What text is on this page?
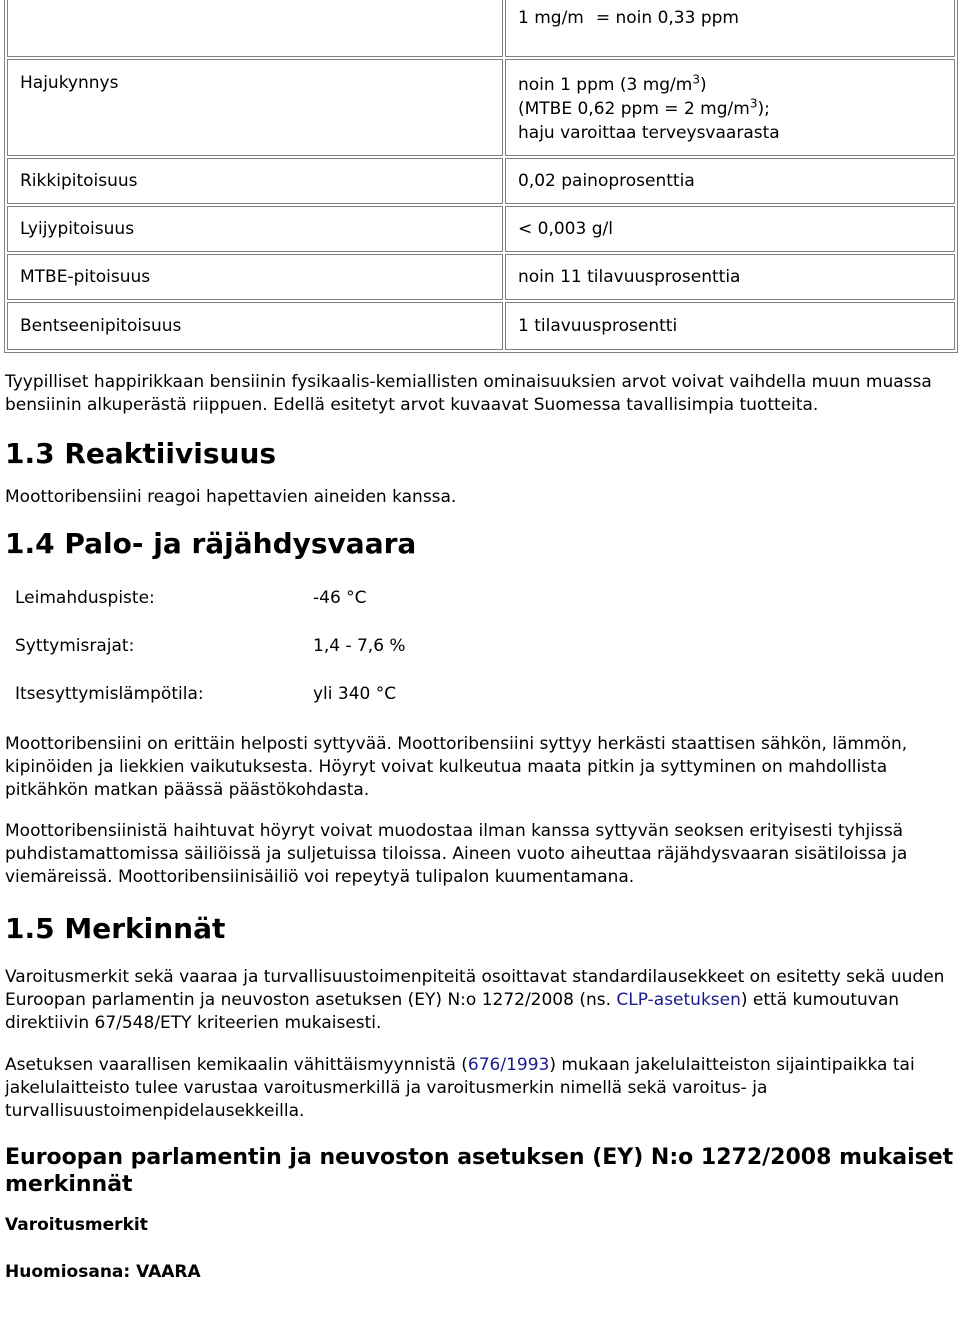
	1 mg/m = noin 0,33 ppm
Hajukynnys	noin 1 ppm (3 $mg/m^3$)
(MTBE 0,62 ppm = 2 $mg/m^3$);
haju varoittaa terveysvaarasta

Rikkipitoisuus	0,02 painoprosenttia
Lyijypitoisuus	< 0,003 g/l
MTBE-pitoisuus	noin 11 tilavuusprosenttia
Bentseenipitoisuus	1 tilavuusprosentti

Tyypilliset happirikkaan bensiinin fysikaalis-kemiallisten ominaisuuksien arvot voivat vaihdella muun muassa bensiinin alkuperästä riippuen. Edellä esitetyt arvot kuvaavat Suomessa tavallisimpia tuotteita.

1.3 Reaktiivisuus

Moottoribensiini reagoi hapettavien aineiden kanssa.

1.4 Palo- ja räjähdysvaara
Leimahduspiste:	-46 °C
Syttymisrajat:	1,4 - 7,6 %
Itsesyttymislämpötila:	yli 340 °C

Moottoribensiini on erittäin helposti syttyvää. Moottoribensiini syttyy herkästi staattisen sähkön, lämmön, kipinöiden ja liekkien vaikutuksesta. Höyryt voivat kulkeutua maata pitkin ja syttyminen on mahdollista pitkähkön matkan päässä päästökohdasta.

Moottoribensiinistä haihtuvat höyryt voivat muodostaa ilman kanssa syttyvän seoksen erityisesti tyhjissä puhdistamattomissa säiliöissä ja suljetuissa tiloissa. Aineen vuoto aiheuttaa räjähdysvaaran sisätiloissa ja viemäreissä. Moottoribensiinisäiliö voi repeytyä tulipalon kuumentamana.

1.5 Merkinnät

Varoitusmerkit sekä vaaraa ja turvallisuustoimenpiteitä osoittavat standardilausekkeet on esitetty sekä uuden Euroopan parlamentin ja neuvoston asetuksen (EY) N:o 1272/2008 (ns. CLP-asetuksen) että kumoutuvan direktiivin 67/548/ETY kriteerien mukaisesti.

Asetuksen vaarallisen kemikaalin vähittäismyynnistä (676/1993) mukaan jakelulaitteiston sijaintipaikka tai jakelulaitteisto tulee varustaa varoitusmerkillä ja varoitusmerkin nimellä sekä varoitus- ja turvallisuustoimenpidelausekkeilla.

Euroopan parlamentin ja neuvoston asetuksen (EY) N:o 1272/2008 mukaiset merkinnät

Varoitusmerkit

Huomiosana: VAARA
